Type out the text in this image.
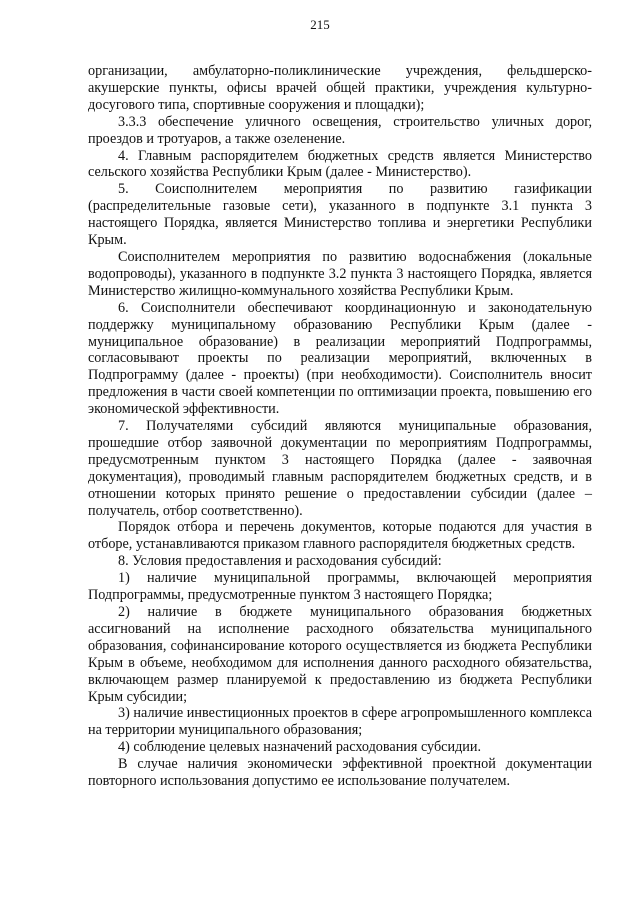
215

организации, амбулаторно-поликлинические учреждения, фельдшерско-акушерские пункты, офисы врачей общей практики, учреждения культурно-досугового типа, спортивные сооружения и площадки);

3.3.3 обеспечение уличного освещения, строительство уличных дорог, проездов и тротуаров, а также озеленение.

4. Главным распорядителем бюджетных средств является Министерство сельского хозяйства Республики Крым (далее - Министерство).

5. Соисполнителем мероприятия по развитию газификации (распределительные газовые сети), указанного в подпункте 3.1 пункта 3 настоящего Порядка, является Министерство топлива и энергетики Республики Крым.

Соисполнителем мероприятия по развитию водоснабжения (локальные водопроводы), указанного в подпункте 3.2 пункта 3 настоящего Порядка, является Министерство жилищно-коммунального хозяйства Республики Крым.

6. Соисполнители обеспечивают координационную и законодательную поддержку муниципальному образованию Республики Крым (далее - муниципальное образование) в реализации мероприятий Подпрограммы, согласовывают проекты по реализации мероприятий, включенных в Подпрограмму (далее - проекты) (при необходимости). Соисполнитель вносит предложения в части своей компетенции по оптимизации проекта, повышению его экономической эффективности.

7. Получателями субсидий являются муниципальные образования, прошедшие отбор заявочной документации по мероприятиям Подпрограммы, предусмотренным пунктом 3 настоящего Порядка (далее - заявочная документация), проводимый главным распорядителем бюджетных средств, и в отношении которых принято решение о предоставлении субсидии (далее – получатель, отбор соответственно).

Порядок отбора и перечень документов, которые подаются для участия в отборе, устанавливаются приказом главного распорядителя бюджетных средств.

8. Условия предоставления и расходования субсидий:

1) наличие муниципальной программы, включающей мероприятия Подпрограммы, предусмотренные пунктом 3 настоящего Порядка;

2) наличие в бюджете муниципального образования бюджетных ассигнований на исполнение расходного обязательства муниципального образования, софинансирование которого осуществляется из бюджета Республики Крым в объеме, необходимом для исполнения данного расходного обязательства, включающем размер планируемой к предоставлению из бюджета Республики Крым субсидии;

3) наличие инвестиционных проектов в сфере агропромышленного комплекса на территории муниципального образования;

4) соблюдение целевых назначений расходования субсидии.

В случае наличия экономически эффективной проектной документации повторного использования допустимо ее использование получателем.
